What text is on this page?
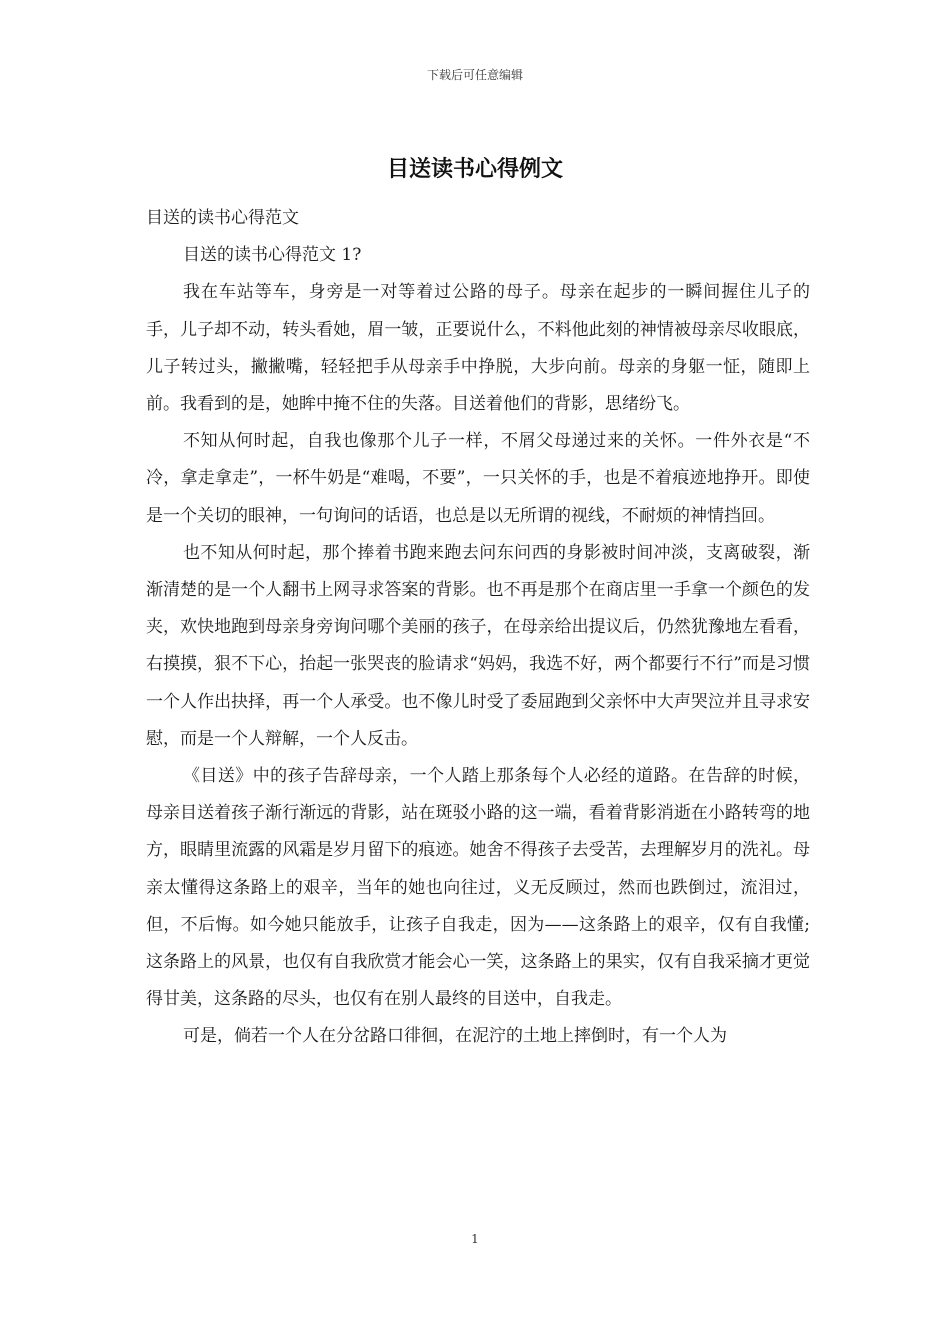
下载后可任意编辑
目送读书心得例文

目送的读书心得范文

目送的读书心得范文 1?

我在车站等车，身旁是一对等着过公路的母子。母亲在起步的一瞬间握住儿子的手，儿子却不动，转头看她，眉一皱，正要说什么，不料他此刻的神情被母亲尽收眼底，儿子转过头，撇撇嘴，轻轻把手从母亲手中挣脱，大步向前。母亲的身躯一怔，随即上前。我看到的是，她眸中掩不住的失落。目送着他们的背影，思绪纷飞。

不知从何时起，自我也像那个儿子一样，不屑父母递过来的关怀。一件外衣是“不冷，拿走拿走”，一杯牛奶是“难喝，不要”，一只关怀的手，也是不着痕迹地挣开。即使是一个关切的眼神，一句询问的话语，也总是以无所谓的视线，不耐烦的神情挡回。

也不知从何时起，那个捧着书跑来跑去问东问西的身影被时间冲淡，支离破裂，渐渐清楚的是一个人翻书上网寻求答案的背影。也不再是那个在商店里一手拿一个颜色的发夹，欢快地跑到母亲身旁询问哪个美丽的孩子，在母亲给出提议后，仍然犹豫地左看看，右摸摸，狠不下心，抬起一张哭丧的脸请求“妈妈，我选不好，两个都要行不行”而是习惯一个人作出抉择，再一个人承受。也不像儿时受了委屈跑到父亲怀中大声哭泣并且寻求安慰，而是一个人辩解，一个人反击。

《目送》中的孩子告辞母亲，一个人踏上那条每个人必经的道路。在告辞的时候，母亲目送着孩子渐行渐远的背影，站在斑驳小路的这一端，看着背影消逝在小路转弯的地方，眼睛里流露的风霜是岁月留下的痕迹。她舍不得孩子去受苦，去理解岁月的洗礼。母亲太懂得这条路上的艰辛，当年的她也向往过，义无反顾过，然而也跌倒过，流泪过，但，不后悔。如今她只能放手，让孩子自我走，因为——这条路上的艰辛，仅有自我懂;这条路上的风景，也仅有自我欣赏才能会心一笑，这条路上的果实，仅有自我采摘才更觉得甘美，这条路的尽头，也仅有在别人最终的目送中，自我走。

可是，倘若一个人在分岔路口徘徊，在泥泞的土地上摔倒时，有一个人为

1
